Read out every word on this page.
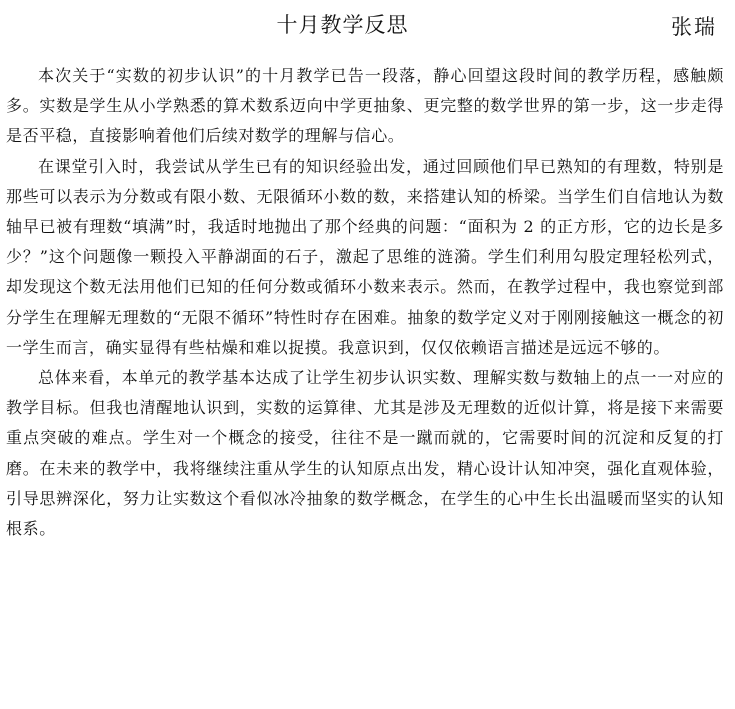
十月教学反思	张瑞

本次关于“实数的初步认识”的十月教学已告一段落，静心回望这段时间的教学历程，感触颇多。实数是学生从小学熟悉的算术数系迈向中学更抽象、更完整的数学世界的第一步，这一步走得是否平稳，直接影响着他们后续对数学的理解与信心。

在课堂引入时，我尝试从学生已有的知识经验出发，通过回顾他们早已熟知的有理数，特别是那些可以表示为分数或有限小数、无限循环小数的数，来搭建认知的桥梁。当学生们自信地认为数轴早已被有理数“填满”时，我适时地抛出了那个经典的问题：“面积为 2 的正方形，它的边长是多少？”这个问题像一颗投入平静湖面的石子，激起了思维的涟漪。学生们利用勾股定理轻松列式，却发现这个数无法用他们已知的任何分数或循环小数来表示。然而，在教学过程中，我也察觉到部分学生在理解无理数的“无限不循环”特性时存在困难。抽象的数学定义对于刚刚接触这一概念的初一学生而言，确实显得有些枯燥和难以捉摸。我意识到，仅仅依赖语言描述是远远不够的。

总体来看，本单元的教学基本达成了让学生初步认识实数、理解实数与数轴上的点一一对应的教学目标。但我也清醒地认识到，实数的运算律、尤其是涉及无理数的近似计算，将是接下来需要重点突破的难点。学生对一个概念的接受，往往不是一蹴而就的，它需要时间的沉淀和反复的打磨。在未来的教学中，我将继续注重从学生的认知原点出发，精心设计认知冲突，强化直观体验，引导思辨深化，努力让实数这个看似冰冷抽象的数学概念，在学生的心中生长出温暖而坚实的认知根系。
